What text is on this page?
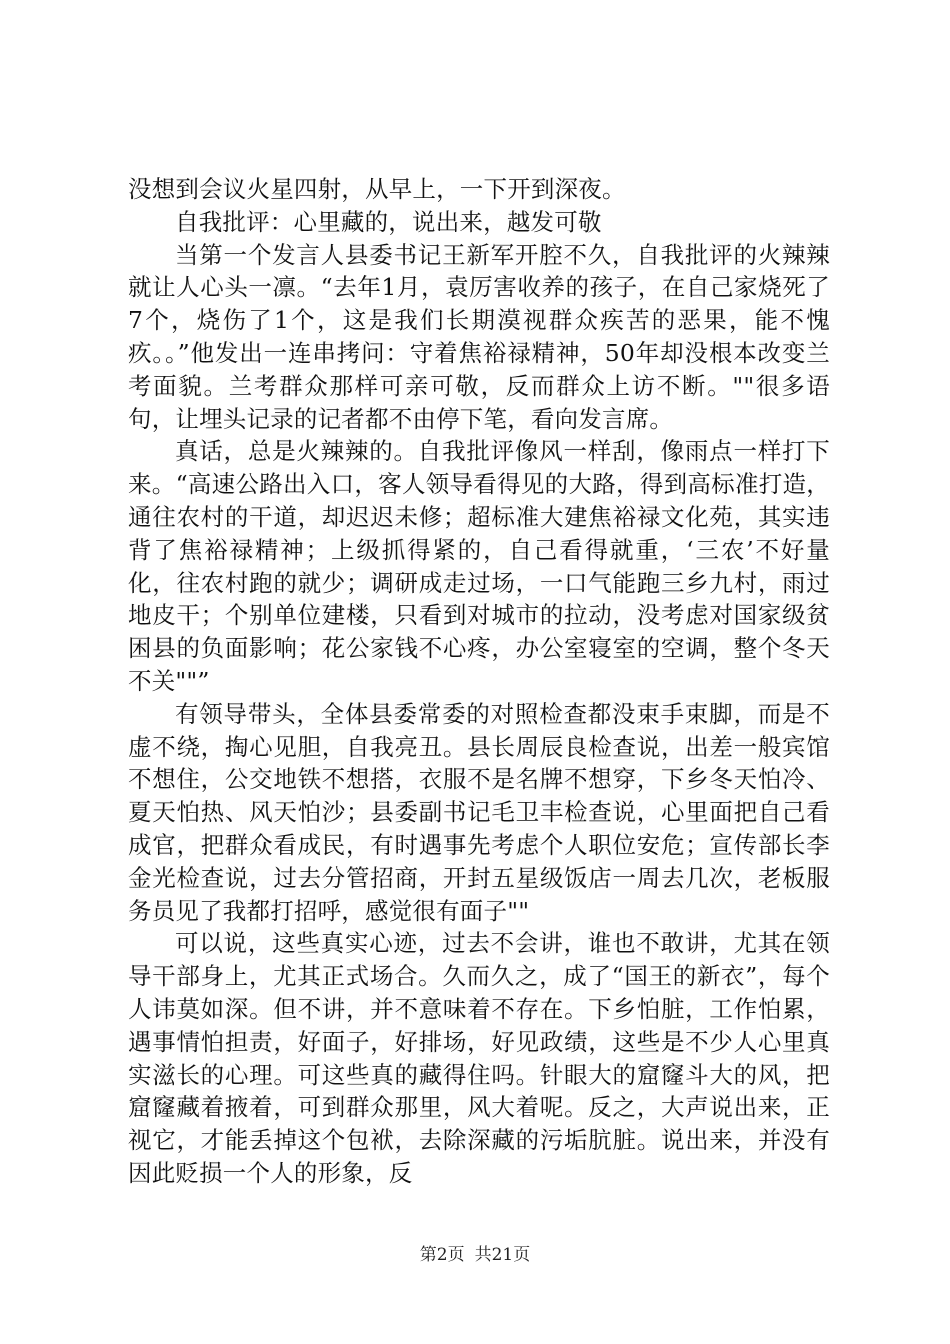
没想到会议火星四射，从早上，一下开到深夜。

自我批评：心里藏的，说出来，越发可敬

当第一个发言人县委书记王新军开腔不久，自我批评的火辣辣就让人心头一凛。“去年1月，袁厉害收养的孩子，在自己家烧死了7个，烧伤了1个，这是我们长期漠视群众疾苦的恶果，能不愧疚。。”他发出一连串拷问：守着焦裕禄精神，50年却没根本改变兰考面貌。兰考群众那样可亲可敬，反而群众上访不断。""很多语句，让埋头记录的记者都不由停下笔，看向发言席。

真话，总是火辣辣的。自我批评像风一样刮，像雨点一样打下来。“高速公路出入口，客人领导看得见的大路，得到高标准打造，通往农村的干道，却迟迟未修；超标准大建焦裕禄文化苑，其实违背了焦裕禄精神；上级抓得紧的，自己看得就重，‘三农’不好量化，往农村跑的就少；调研成走过场，一口气能跑三乡九村，雨过地皮干；个别单位建楼，只看到对城市的拉动，没考虑对国家级贫困县的负面影响；花公家钱不心疼，办公室寝室的空调，整个冬天不关""”

有领导带头，全体县委常委的对照检查都没束手束脚，而是不虚不绕，掏心见胆，自我亮丑。县长周辰良检查说，出差一般宾馆不想住，公交地铁不想搭，衣服不是名牌不想穿，下乡冬天怕冷、夏天怕热、风天怕沙；县委副书记毛卫丰检查说，心里面把自己看成官，把群众看成民，有时遇事先考虑个人职位安危；宣传部长李金光检查说，过去分管招商，开封五星级饭店一周去几次，老板服务员见了我都打招呼，感觉很有面子""

可以说，这些真实心迹，过去不会讲，谁也不敢讲，尤其在领导干部身上，尤其正式场合。久而久之，成了“国王的新衣”，每个人讳莫如深。但不讲，并不意味着不存在。下乡怕脏，工作怕累，遇事情怕担责，好面子，好排场，好见政绩，这些是不少人心里真实滋长的心理。可这些真的藏得住吗。针眼大的窟窿斗大的风，把窟窿藏着掖着，可到群众那里，风大着呢。反之，大声说出来，正视它，才能丢掉这个包袱，去除深藏的污垢肮脏。说出来，并没有因此贬损一个人的形象，反

第2页 共21页
